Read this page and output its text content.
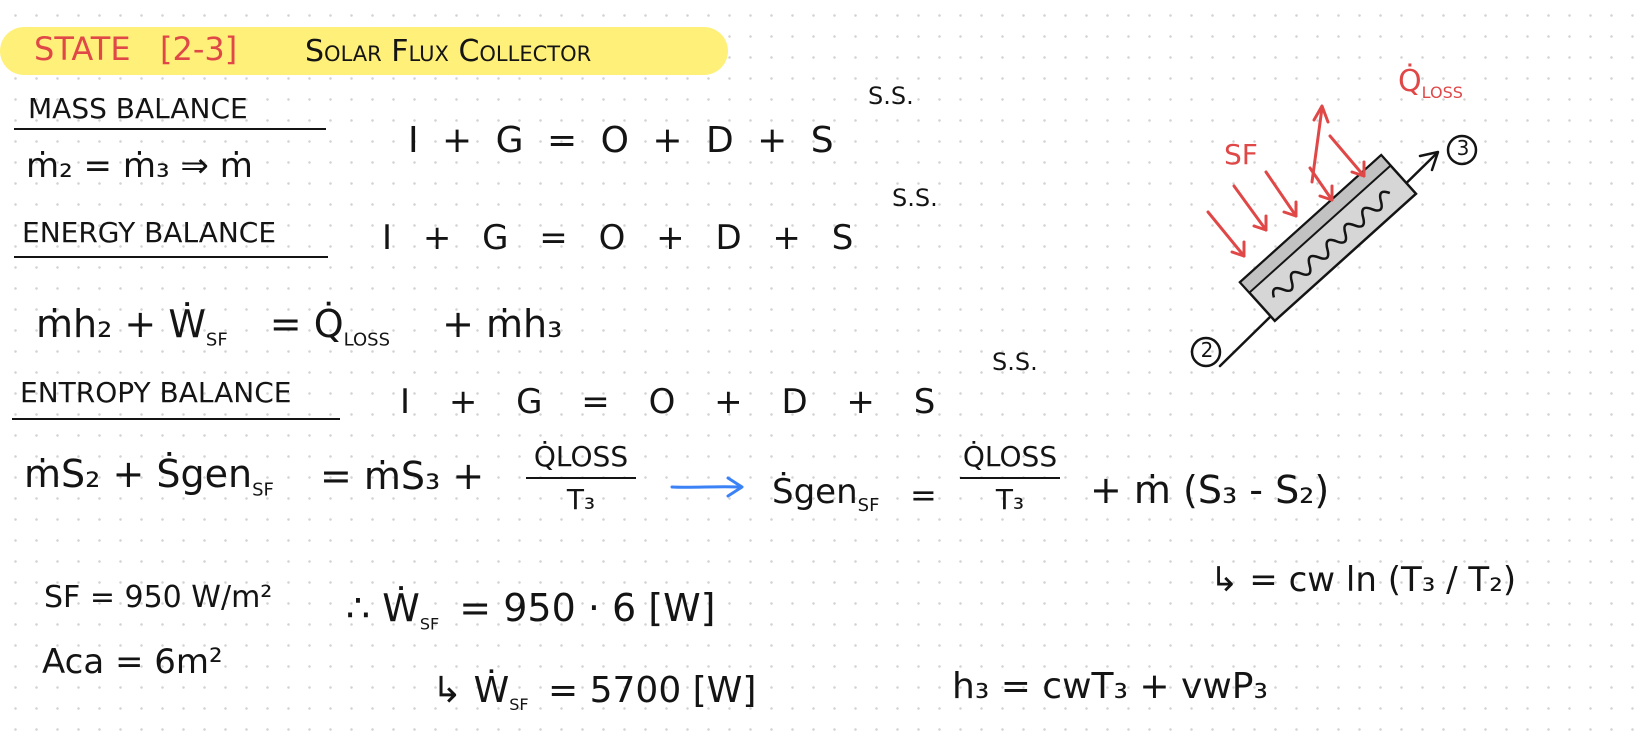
STATE [2-3] Solar Flux Collector
MASS BALANCE
I + G = O + D + S
S.S.
ṁ₂ = ṁ₃ ⇒ ṁ
ENERGY BALANCE	I + G = O + D + S
S.S.
ṁh₂ + Ẇ$_{SF}$ = $Q̇_{LOSS}$ + ṁh₃
ENTROPY BALANCE	I + G = O + D + S
S.S.
ṁS₂ + Ṡgen$_{SF}$ = ṁS₃ + Q̇LOSS
T₃	Ṡgen$_{SF}$ =
Q̇LOSS
T₃	+ ṁ (S₃ - S₂)
↳ = cw ln (T₃ / T₂)
SF = 950 W/m²
Aca = 6m²
∴ Ẇ$_{SF}$ = 950 · 6 [W]
↳ Ẇ$_{SF}$ = 5700 [W]	h₃ = cwT₃ + vwP₃
SF
$Q̇_{LOSS}$
2
3
